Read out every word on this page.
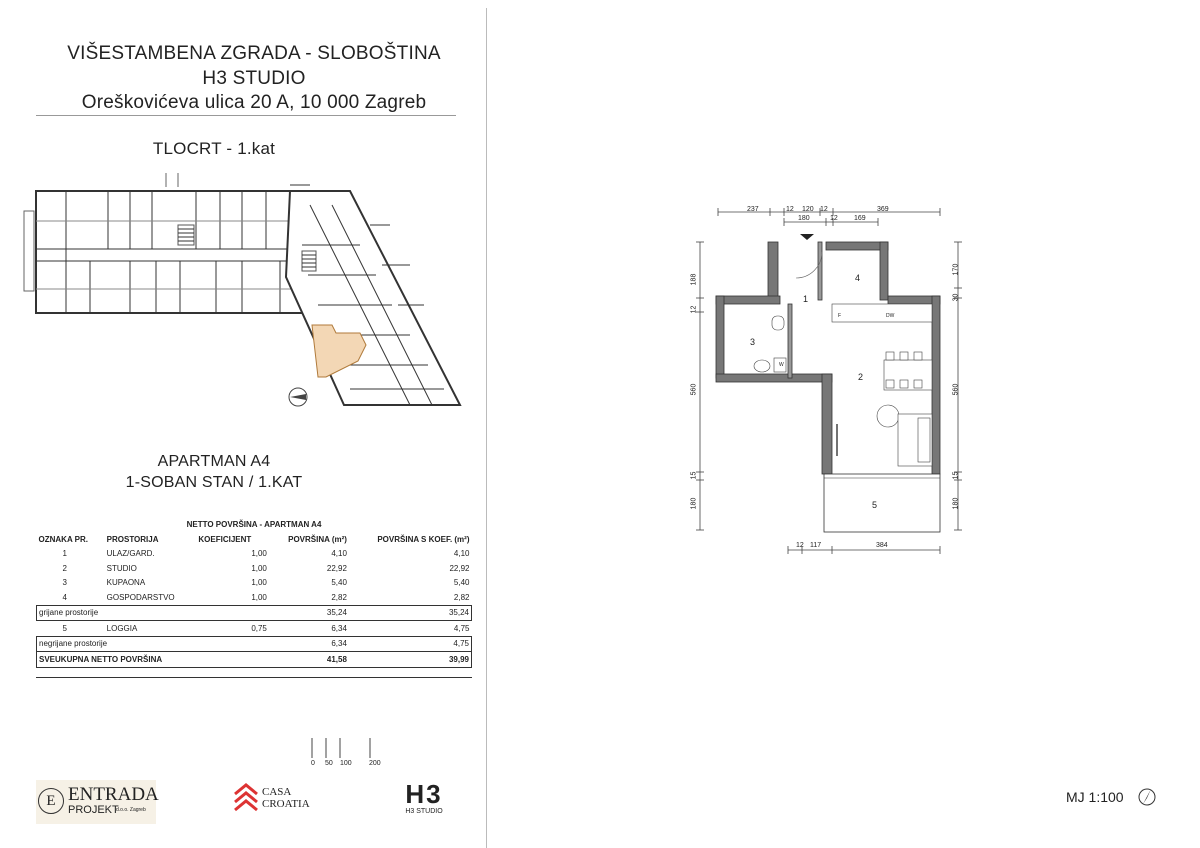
VIŠESTAMBENA ZGRADA - SLOBOŠTINA
H3 STUDIO
Oreškovićeva ulica 20 A, 10 000 Zagreb
TLOCRT - 1.kat
APARTMAN A4
1-SOBAN STAN / 1.KAT
NETTO POVRŠINA - APARTMAN A4
OZNAKA PR.	PROSTORIJA	KOEFICIJENT	POVRŠINA (m²)	POVRŠINA S KOEF. (m²)
1	ULAZ/GARD.	1,00	4,10	4,10
2	STUDIO	1,00	22,92	22,92
3	KUPAONA	1,00	5,40	5,40
4	GOSPODARSTVO	1,00	2,82	2,82
grijane prostorije			35,24	35,24
5	LOGGIA	0,75	6,34	4,75
negrijane prostorije			6,34	4,75
SVEUKUPNA NETTO POVRŠINA			41,58	39,99
0 50 100 200
E ENTRADA
PROJEKT
d.o.o. Zagreb
CASA
CROATIA	H3
H3 STUDIO
237	12 120 12	369
180	12 169
12 117	384
188
12
560
15
180
170
30
560
15
180
1
2
3
4
5
F	DW
W
MJ 1:100
